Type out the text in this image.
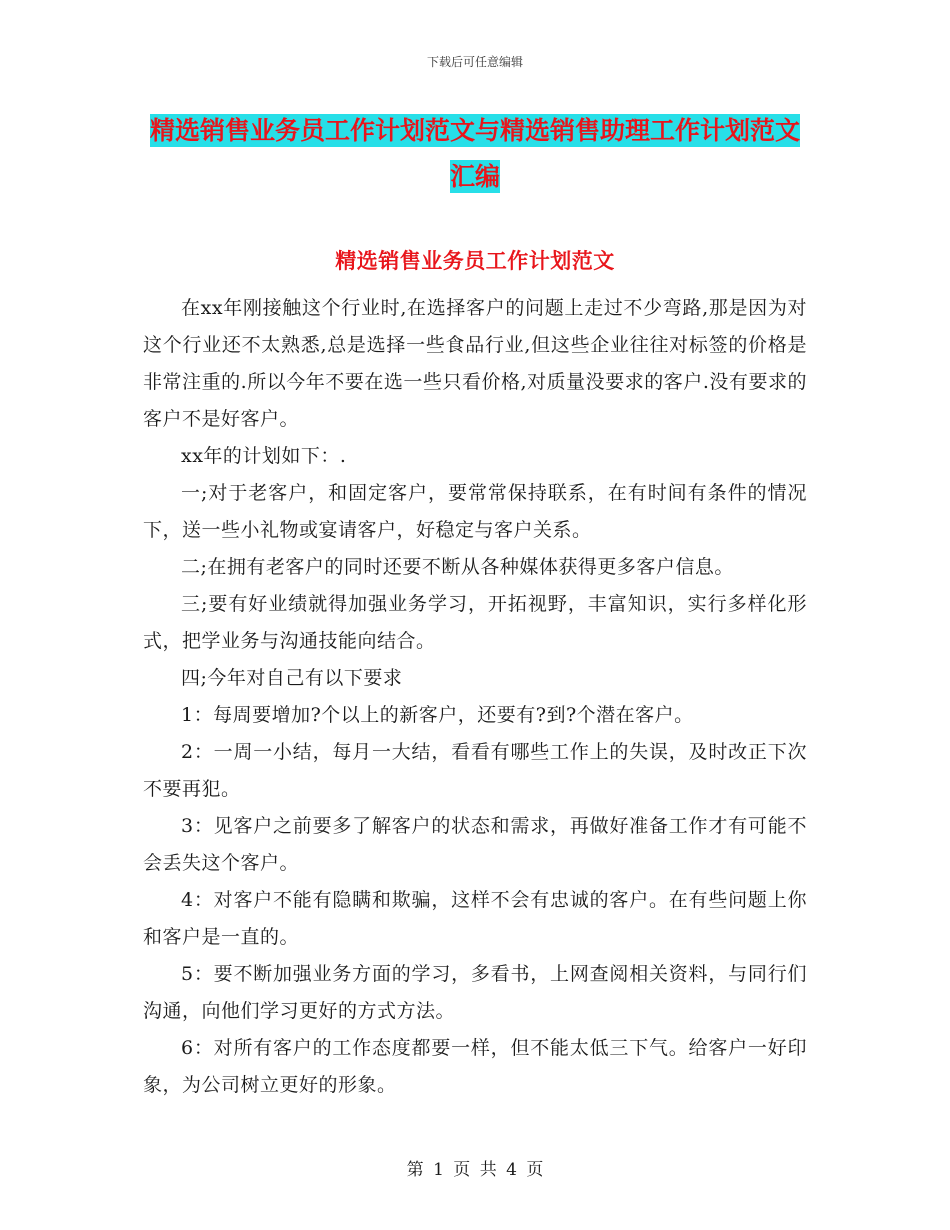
下载后可任意编辑
精选销售业务员工作计划范文与精选销售助理工作计划范文汇编
精选销售业务员工作计划范文

在xx年刚接触这个行业时,在选择客户的问题上走过不少弯路,那是因为对这个行业还不太熟悉,总是选择一些食品行业,但这些企业往往对标签的价格是非常注重的.所以今年不要在选一些只看价格,对质量没要求的客户.没有要求的客户不是好客户。

xx年的计划如下：.

一;对于老客户，和固定客户，要常常保持联系，在有时间有条件的情况下，送一些小礼物或宴请客户，好稳定与客户关系。

二;在拥有老客户的同时还要不断从各种媒体获得更多客户信息。

三;要有好业绩就得加强业务学习，开拓视野，丰富知识，实行多样化形式，把学业务与沟通技能向结合。

四;今年对自己有以下要求

1：每周要增加?个以上的新客户，还要有?到?个潜在客户。

2：一周一小结，每月一大结，看看有哪些工作上的失误，及时改正下次不要再犯。

3：见客户之前要多了解客户的状态和需求，再做好准备工作才有可能不会丢失这个客户。

4：对客户不能有隐瞒和欺骗，这样不会有忠诚的客户。在有些问题上你和客户是一直的。

5：要不断加强业务方面的学习，多看书，上网查阅相关资料，与同行们沟通，向他们学习更好的方式方法。

6：对所有客户的工作态度都要一样，但不能太低三下气。给客户一好印象，为公司树立更好的形象。

第 1 页 共 4 页
